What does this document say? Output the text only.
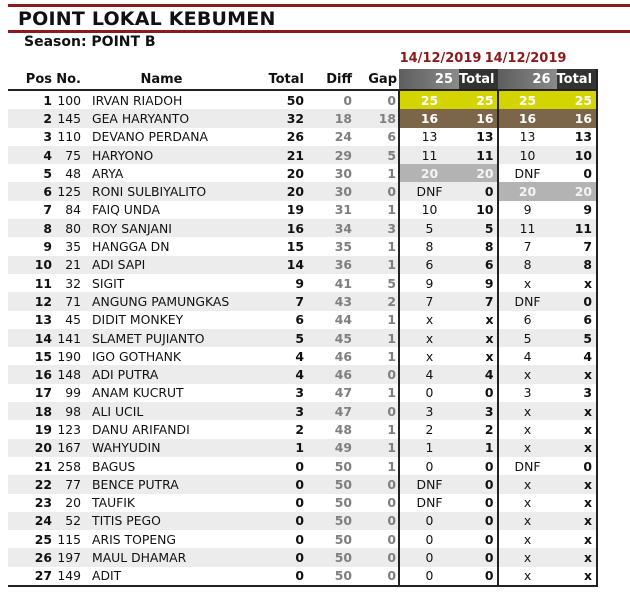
POINT LOKAL KEBUMEN
Season: POINT B
14/12/2019 14/12/2019
Pos	No.	Name	Total	Diff	Gap	25	Total	26	Total
1	100	IRVAN RIADOH	50	0	0	25	25	25	25
2	145	GEA HARYANTO	32	18	18	16	16	16	16
3	110	DEVANO PERDANA	26	24	6	13	13	13	13
4	75	HARYONO	21	29	5	11	11	10	10
5	48	ARYA	20	30	1	20	20	DNF	0
6	125	RONI SULBIYALITO	20	30	0	DNF	0	20	20
7	84	FAIQ UNDA	19	31	1	10	10	9	9
8	80	ROY SANJANI	16	34	3	5	5	11	11
9	35	HANGGA DN	15	35	1	8	8	7	7
10	21	ADI SAPI	14	36	1	6	6	8	8
11	32	SIGIT	9	41	5	9	9	x	x
12	71	ANGUNG PAMUNGKAS	7	43	2	7	7	DNF	0
13	45	DIDIT MONKEY	6	44	1	x	x	6	6
14	141	SLAMET PUJIANTO	5	45	1	x	x	5	5
15	190	IGO GOTHANK	4	46	1	x	x	4	4
16	148	ADI PUTRA	4	46	0	4	4	x	x
17	99	ANAM KUCRUT	3	47	1	0	0	3	3
18	98	ALI UCIL	3	47	0	3	3	x	x
19	123	DANU ARIFANDI	2	48	1	2	2	x	x
20	167	WAHYUDIN	1	49	1	1	1	x	x
21	258	BAGUS	0	50	1	0	0	DNF	0
22	77	BENCE PUTRA	0	50	0	DNF	0	x	x
23	20	TAUFIK	0	50	0	DNF	0	x	x
24	52	TITIS PEGO	0	50	0	0	0	x	x
25	115	ARIS TOPENG	0	50	0	0	0	x	x
26	197	MAUL DHAMAR	0	50	0	0	0	x	x
27	149	ADIT	0	50	0	0	0	x	x
